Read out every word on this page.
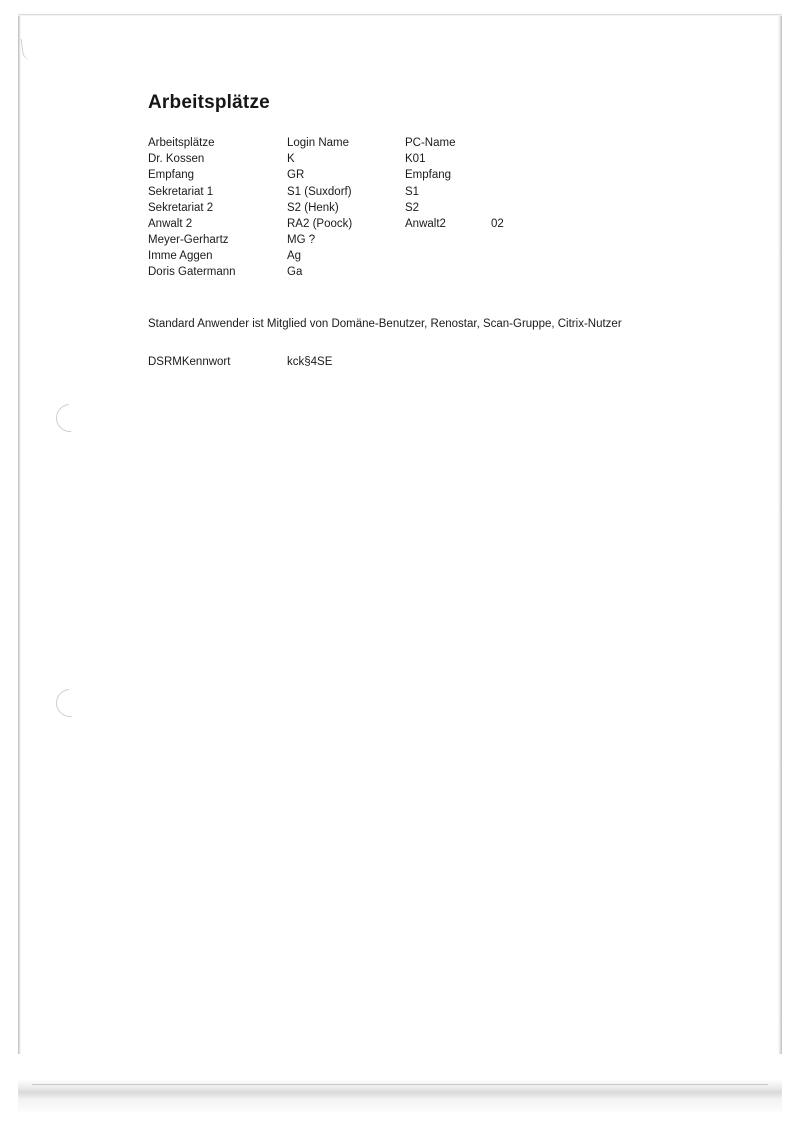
Arbeitsplätze
Arbeitsplätze	Login Name	PC-Name	
Dr. Kossen	K	K01	
Empfang	GR	Empfang	
Sekretariat 1	S1 (Suxdorf)	S1	
Sekretariat 2	S2 (Henk)	S2	
Anwalt 2	RA2 (Poock)	Anwalt2	02
Meyer-Gerhartz	MG ?		
Imme Aggen	Ag		
Doris Gatermann	Ga		
Standard Anwender ist Mitglied von Domäne-Benutzer, Renostar, Scan-Gruppe, Citrix-Nutzer
DSRMKennwort	kck§4SE
